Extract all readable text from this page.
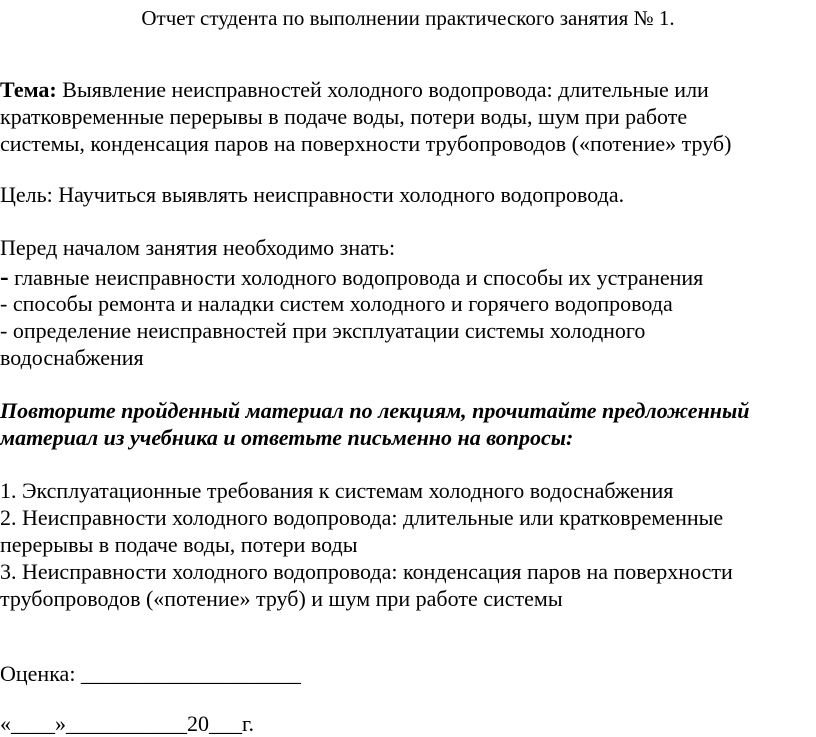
Отчет студента по выполнении практического занятия № 1.
Тема: Выявление неисправностей холодного водопровода: длительные или
кратковременные перерывы в подаче воды, потери воды, шум при работе
системы, конденсация паров на поверхности трубопроводов («потение» труб)
Цель: Научиться выявлять неисправности холодного водопровода.
Перед началом занятия необходимо знать:
- главные неисправности холодного водопровода и способы их устранения
- способы ремонта и наладки систем холодного и горячего водопровода
- определение неисправностей при эксплуатации системы холодного
водоснабжения
Повторите пройденный материал по лекциям, прочитайте предложенный
материал из учебника и ответьте письменно на вопросы:
1. Эксплуатационные требования к системам холодного водоснабжения
2. Неисправности холодного водопровода: длительные или кратковременные
перерывы в подаче воды, потери воды
3. Неисправности холодного водопровода: конденсация паров на поверхности
трубопроводов («потение» труб) и шум при работе системы
Оценка: ____________________
«____»___________20___г.
